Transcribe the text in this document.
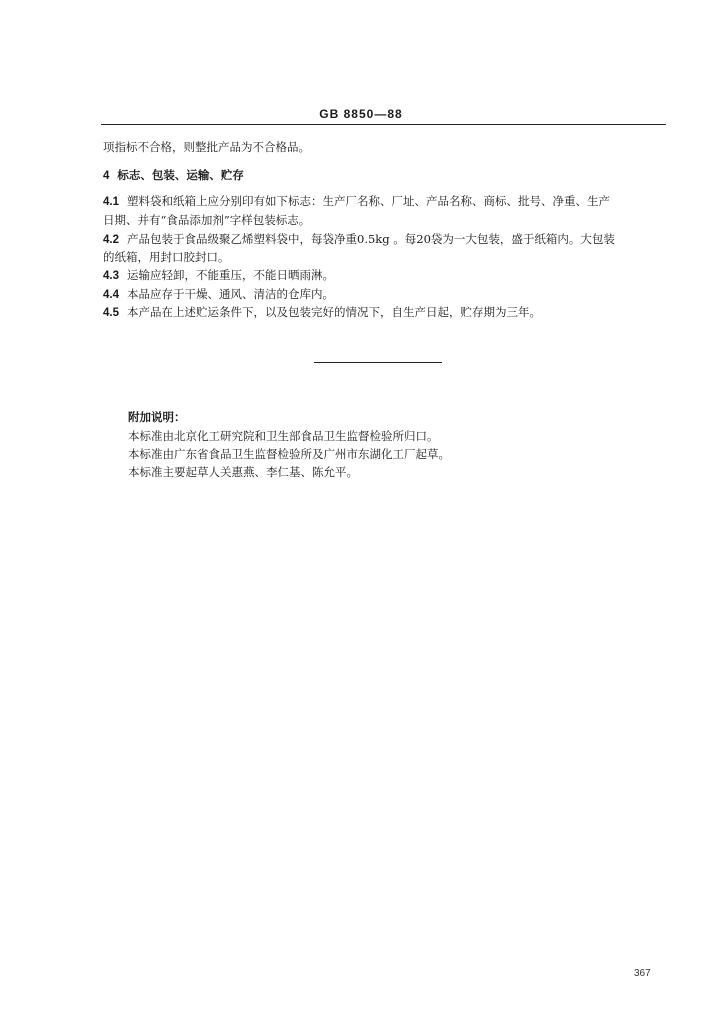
GB 8850—88
项指标不合格，则整批产品为不合格品。
4 标志、包装、运输、贮存
4.1 塑料袋和纸箱上应分别印有如下标志：生产厂名称、厂址、产品名称、商标、批号、净重、生产
日期、并有“食品添加剂”字样包装标志。
4.2 产品包装于食品级聚乙烯塑料袋中，每袋净重0.5kg 。每20袋为一大包装，盛于纸箱内。大包装
的纸箱，用封口胶封口。
4.3 运输应轻卸，不能重压，不能日晒雨淋。
4.4 本品应存于干燥、通风、清洁的仓库内。
4.5 本产品在上述贮运条件下，以及包装完好的情况下，自生产日起，贮存期为三年。
附加说明：
本标准由北京化工研究院和卫生部食品卫生监督检验所归口。
本标准由广东省食品卫生监督检验所及广州市东湖化工厂起草。
本标准主要起草人关惠燕、李仁基、陈允平。
367
